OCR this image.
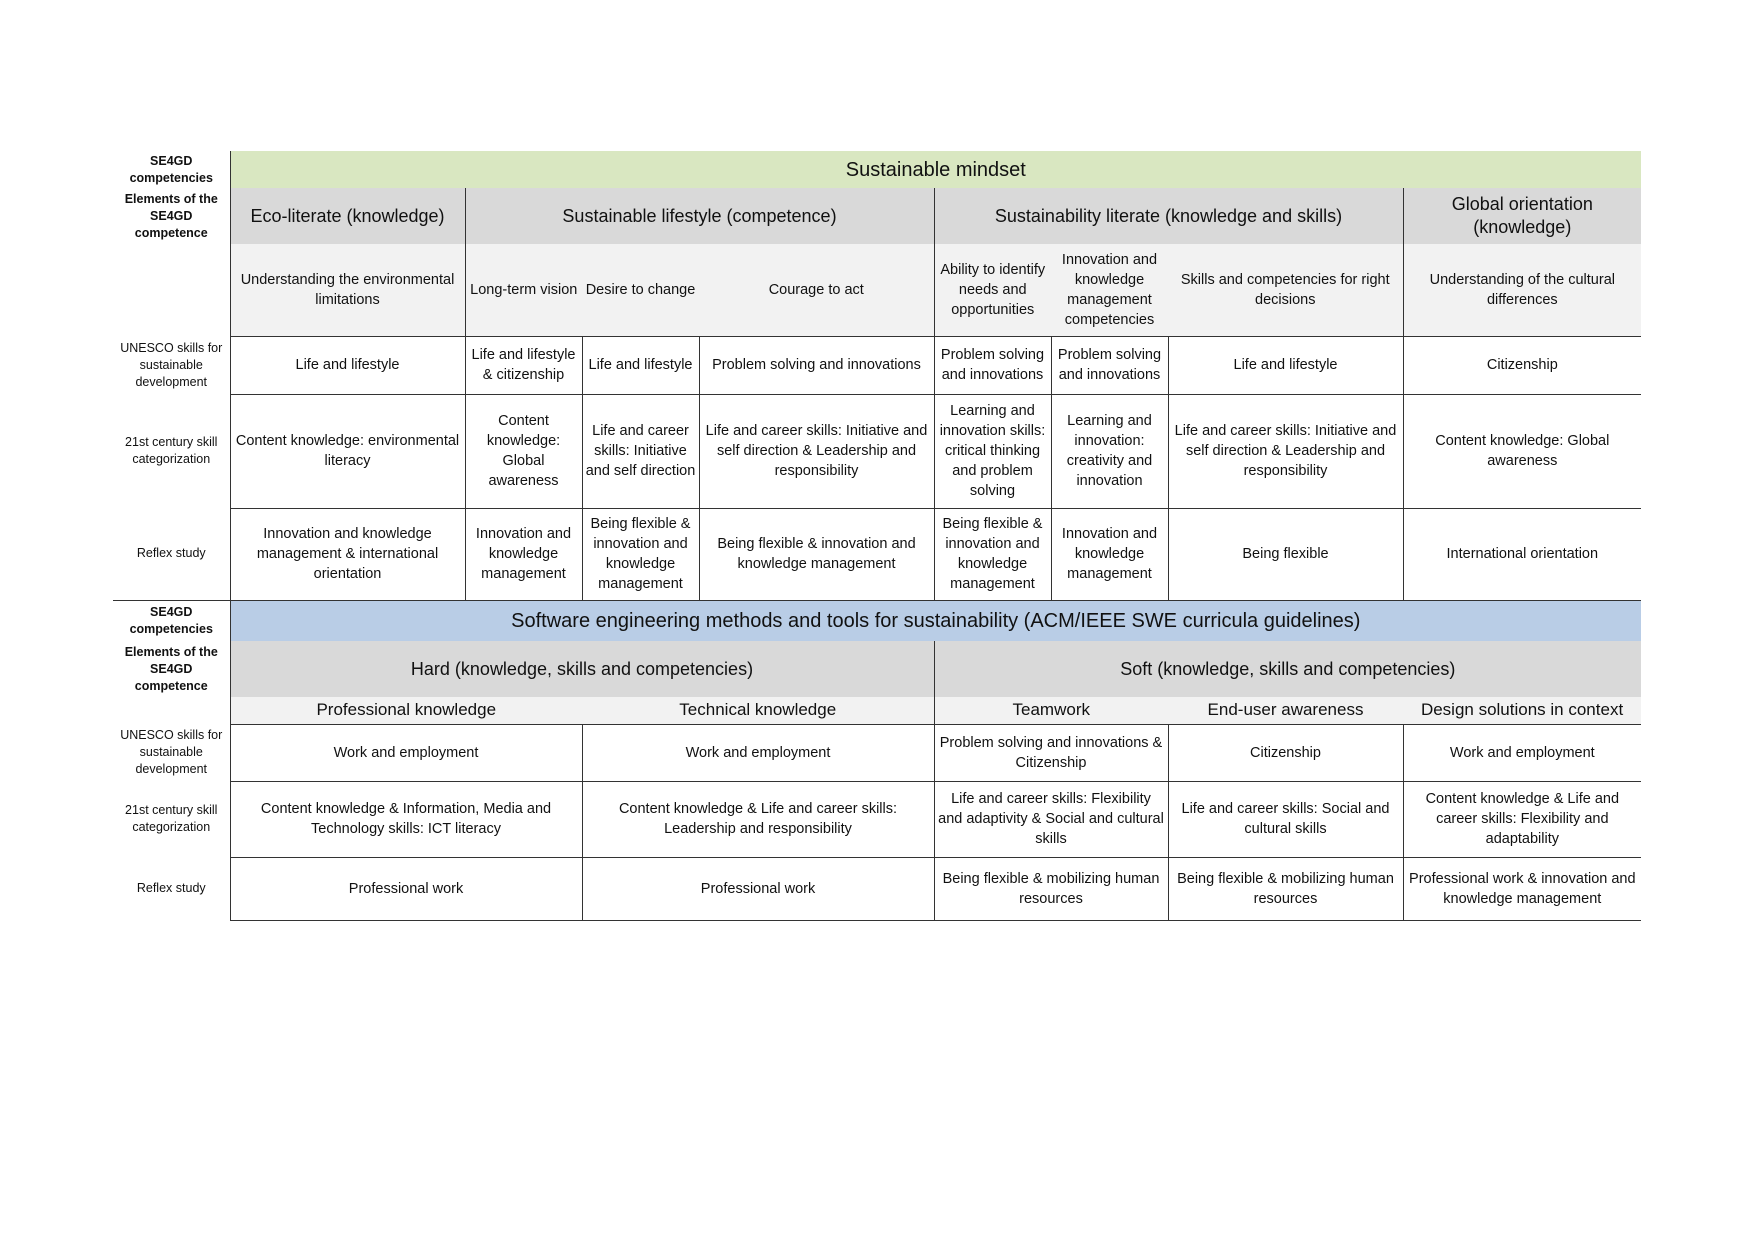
SE4GD competencies	Sustainable mindset							
Elements of the SE4GD competence	Eco-literate (knowledge)	Sustainable lifestyle (competence)			Sustainability literate (knowledge and skills)			Global orientation (knowledge)
	Understanding the environmental limitations	Long-term vision	Desire to change	Courage to act	Ability to identify needs and opportunities	Innovation and knowledge management competencies	Skills and competencies for right decisions	Understanding of the cultural differences
UNESCO skills for sustainable development	Life and lifestyle	Life and lifestyle & citizenship	Life and lifestyle	Problem solving and innovations	Problem solving and innovations	Problem solving and innovations	Life and lifestyle	Citizenship
21st century skill categorization	Content knowledge: environmental literacy	Content knowledge: Global awareness	Life and career skills: Initiative and self direction	Life and career skills: Initiative and self direction & Leadership and responsibility	Learning and innovation skills: critical thinking and problem solving	Learning and innovation: creativity and innovation	Life and career skills: Initiative and self direction & Leadership and responsibility	Content knowledge: Global awareness
Reflex study	Innovation and knowledge management & international orientation	Innovation and knowledge management	Being flexible & innovation and knowledge management	Being flexible & innovation and knowledge management	Being flexible & innovation and knowledge management	Innovation and knowledge management	Being flexible	International orientation
SE4GD competencies	Software engineering methods and tools for sustainability (ACM/IEEE SWE curricula guidelines)							
Elements of the SE4GD competence	Hard (knowledge, skills and competencies)				Soft (knowledge, skills and competencies)			
	Professional knowledge		Technical knowledge		Teamwork		End-user awareness	Design solutions in context
UNESCO skills for sustainable development	Work and employment		Work and employment		Problem solving and innovations & Citizenship		Citizenship	Work and employment
21st century skill categorization	Content knowledge & Information, Media and Technology skills: ICT literacy		Content knowledge & Life and career skills: Leadership and responsibility		Life and career skills: Flexibility and adaptivity & Social and cultural skills		Life and career skills: Social and cultural skills	Content knowledge & Life and career skills: Flexibility and adaptability
Reflex study	Professional work		Professional work		Being flexible & mobilizing human resources		Being flexible & mobilizing human resources	Professional work & innovation and knowledge management
